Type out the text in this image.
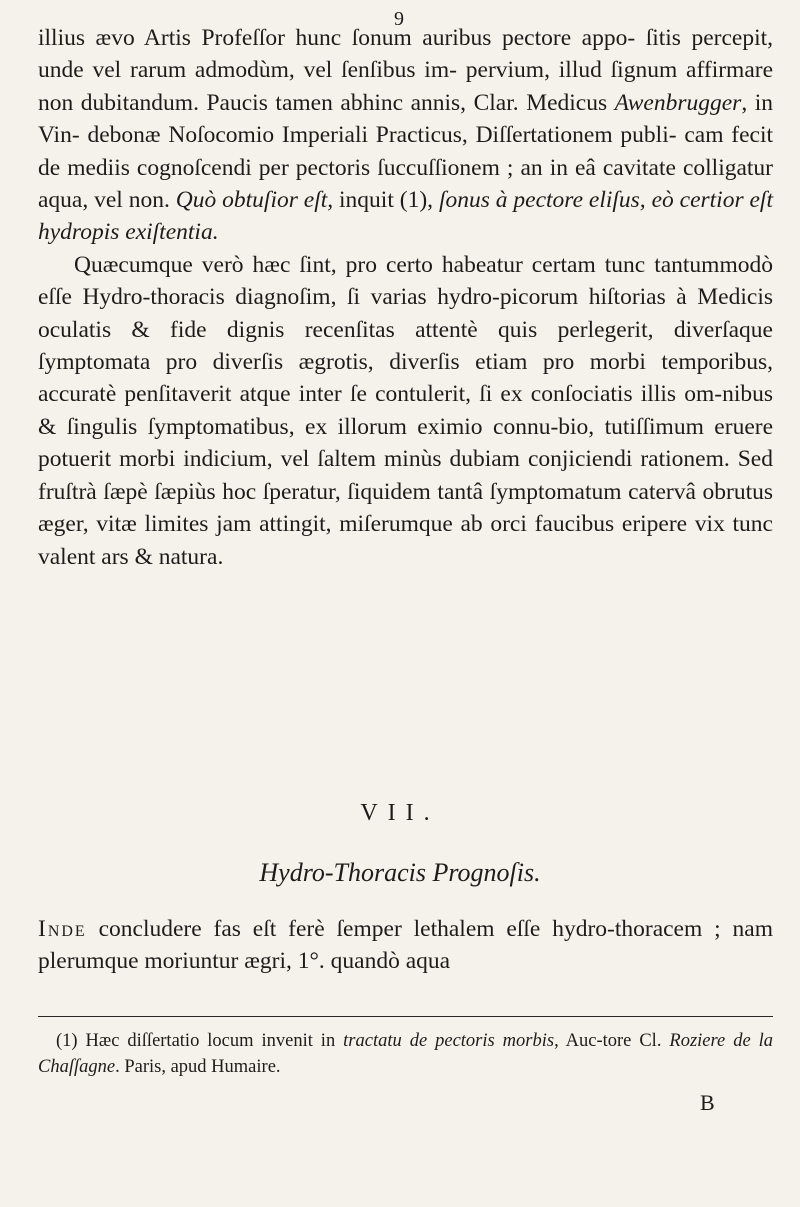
9

illius ævo Artis Profeſſor hunc ſonum auribus pectore appo- ſitis percepit, unde vel rarum admodùm, vel ſenſibus im- pervium, illud ſignum affirmare non dubitandum. Paucis tamen abhinc annis, Clar. Medicus Awenbrugger, in Vin- debonæ Noſocomio Imperiali Practicus, Diſſertationem publi- cam fecit de mediis cognoſcendi per pectoris ſuccuſſionem ; an in eâ cavitate colligatur aqua, vel non. Quò obtuſior eſt, inquit (1), ſonus à pectore eliſus, eò certior eſt hydropis exiſtentia.

Quæcumque verò hæc ſint, pro certo habeatur certam tunc tantummodò eſſe Hydro-thoracis diagnoſim, ſi varias hydro-picorum hiſtorias à Medicis oculatis & fide dignis recenſitas attentè quis perlegerit, diverſaque ſymptomata pro diverſis ægrotis, diverſis etiam pro morbi temporibus, accuratè penſitaverit atque inter ſe contulerit, ſi ex conſociatis illis om-nibus & ſingulis ſymptomatibus, ex illorum eximio connu-bio, tutiſſimum eruere potuerit morbi indicium, vel ſaltem minùs dubiam conjiciendi rationem. Sed fruſtrà ſæpè ſæpiùs hoc ſperatur, ſiquidem tantâ ſymptomatum catervâ obrutus æger, vitæ limites jam attingit, miſerumque ab orci faucibus eripere vix tunc valent ars & natura.

VII.
Hydro-Thoracis Prognoſis.
Inde concludere fas eſt ferè ſemper lethalem eſſe hydro-thoracem ; nam plerumque moriuntur ægri, 1°. quandò aqua
(1) Hæc diſſertatio locum invenit in tractatu de pectoris morbis, Auc-tore Cl. Roziere de la Chaſſagne. Paris, apud Humaire.
B
